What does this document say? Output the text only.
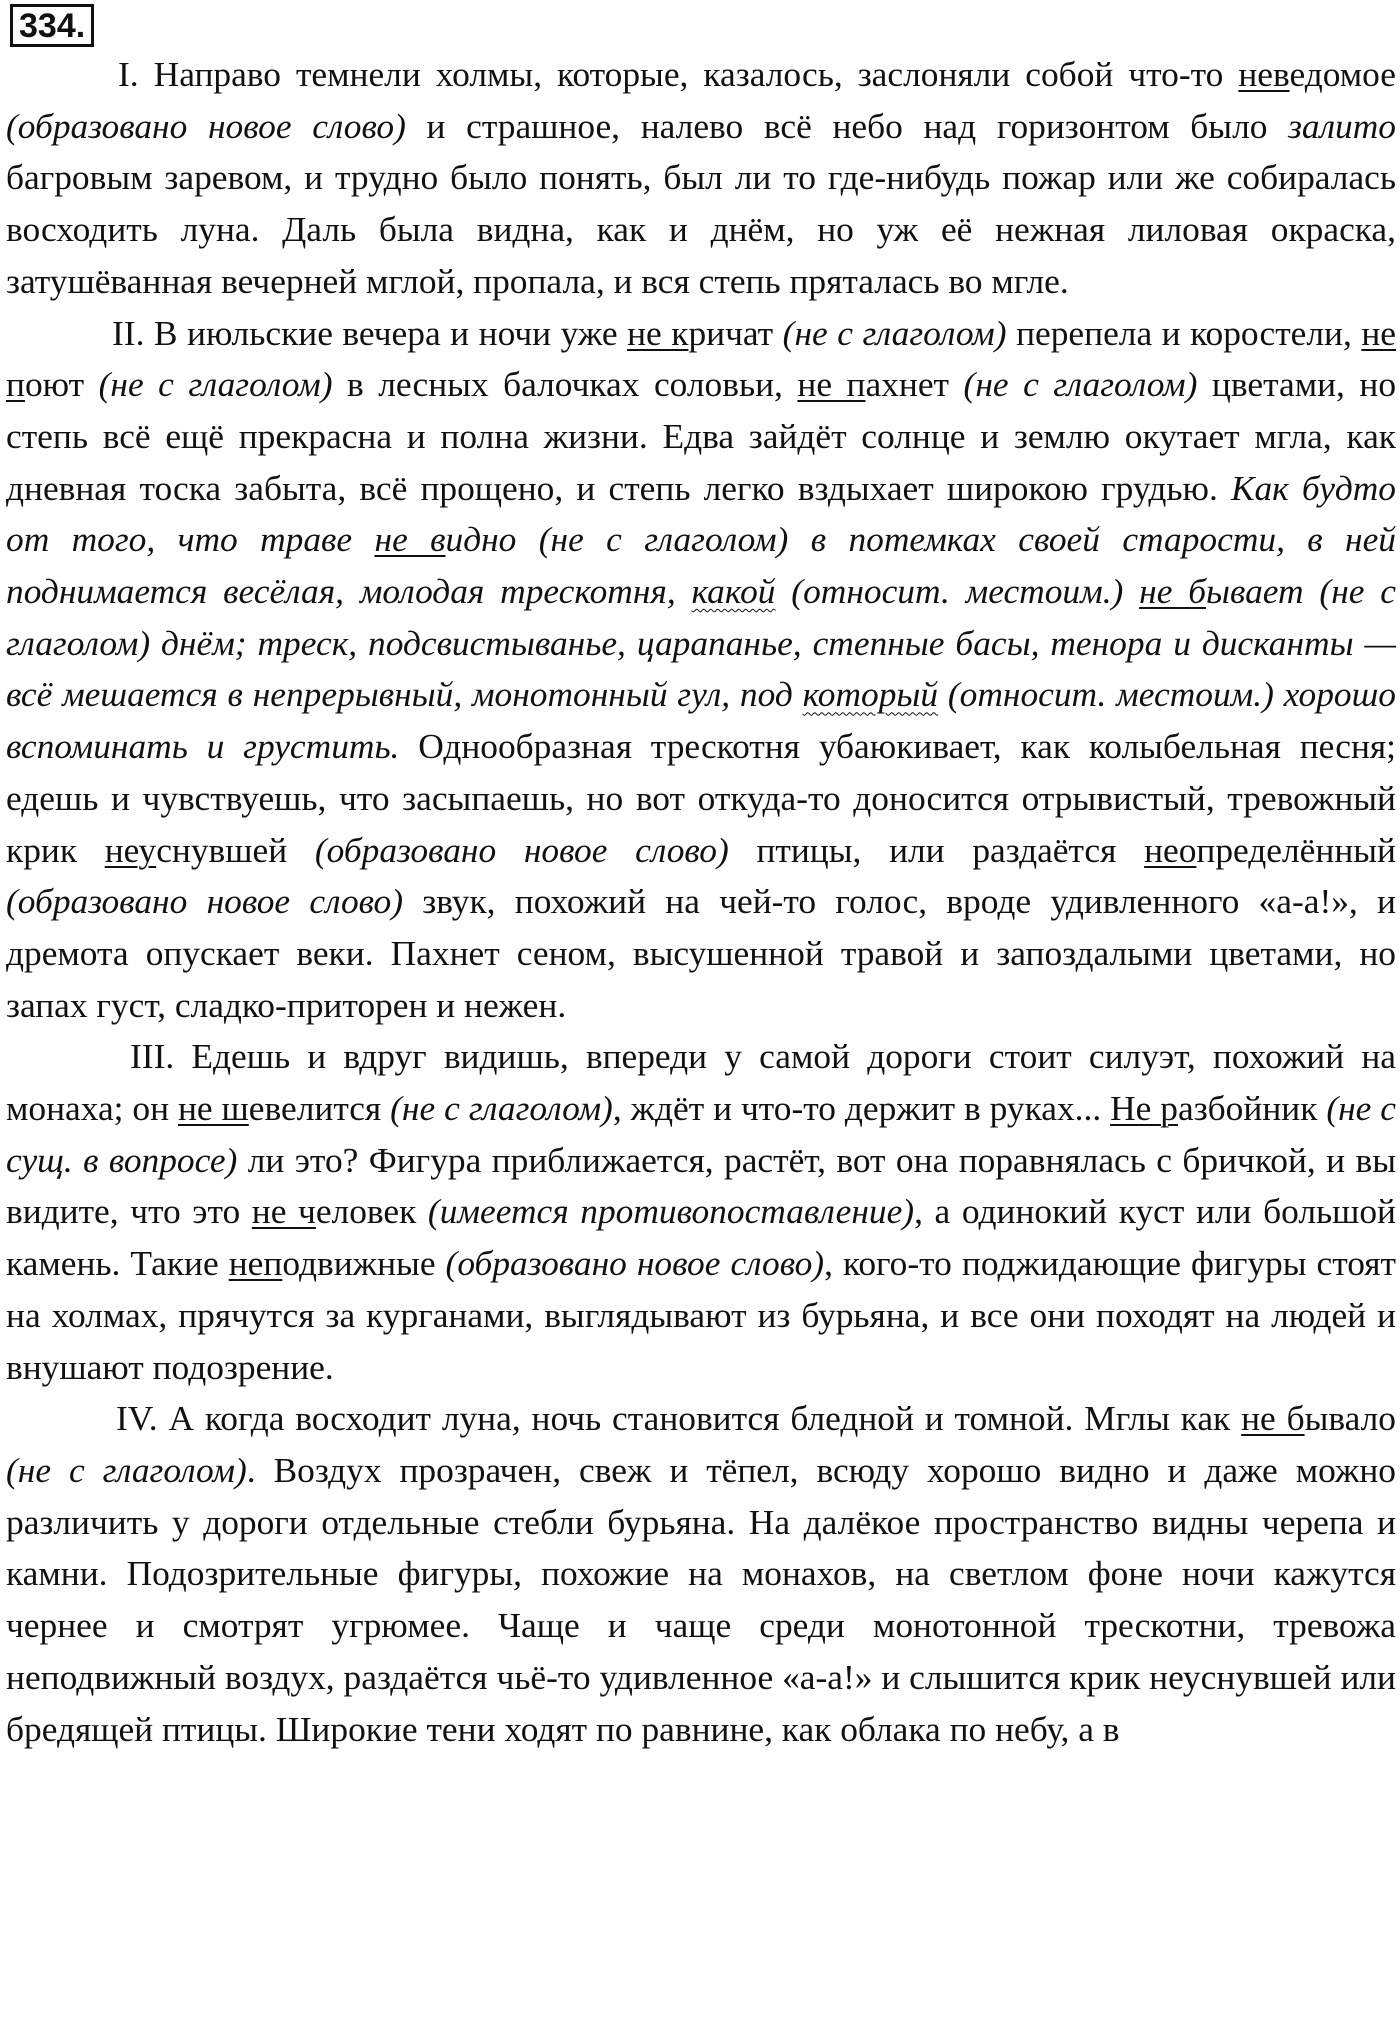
334.

I. Направо темнели холмы, которые, казалось, заслоняли собой что-то неведомое (образовано новое слово) и страшное, налево всё небо над горизонтом было залито багровым заревом, и трудно было понять, был ли то где-нибудь пожар или же собиралась восходить луна. Даль была видна, как и днём, но уж её нежная лиловая окраска, затушёванная вечерней мглой, пропала, и вся степь пряталась во мгле.

II. В июльские вечера и ночи уже не кричат (не с глаголом) перепела и коростели, не поют (не с глаголом) в лесных балочках соловьи, не пахнет (не с глаголом) цветами, но степь всё ещё прекрасна и полна жизни. Едва зайдёт солнце и землю окутает мгла, как дневная тоска забыта, всё прощено, и степь легко вздыхает широкою грудью. Как будто от того, что траве не видно (не с глаголом) в потемках своей старости, в ней поднимается весёлая, молодая трескотня, какой (относит. местоим.) не бывает (не с глаголом) днём; треск, подсвистыванье, царапанье, степные басы, тенора и дисканты — всё мешается в непрерывный, монотонный гул, под который (относит. местоим.) хорошо вспоминать и грустить. Однообразная трескотня убаюкивает, как колыбельная песня; едешь и чувствуешь, что засыпаешь, но вот откуда-то доносится отрывистый, тревожный крик неуснувшей (образовано новое слово) птицы, или раздаётся неопределённый (образовано новое слово) звук, похожий на чей-то голос, вроде удивленного «а-а!», и дремота опускает веки. Пахнет сеном, высушенной травой и запоздалыми цветами, но запах густ, сладко-приторен и нежен.

III. Едешь и вдруг видишь, впереди у самой дороги стоит силуэт, похожий на монаха; он не шевелится (не с глаголом), ждёт и что-то держит в руках... Не разбойник (не с сущ. в вопросе) ли это? Фигура приближается, растёт, вот она поравнялась с бричкой, и вы видите, что это не человек (имеется противопоставление), а одинокий куст или большой камень. Такие неподвижные (образовано новое слово), кого-то поджидающие фигуры стоят на холмах, прячутся за курганами, выглядывают из бурьяна, и все они походят на людей и внушают подозрение.

IV. А когда восходит луна, ночь становится бледной и томной. Мглы как не бывало (не с глаголом). Воздух прозрачен, свеж и тёпел, всюду хорошо видно и даже можно различить у дороги отдельные стебли бурьяна. На далёкое пространство видны черепа и камни. Подозрительные фигуры, похожие на монахов, на светлом фоне ночи кажутся чернее и смотрят угрюмее. Чаще и чаще среди монотонной трескотни, тревожа неподвижный воздух, раздаётся чьё-то удивленное «а-а!» и слышится крик неуснувшей или бредящей птицы. Широкие тени ходят по равнине, как облака по небу, а в
